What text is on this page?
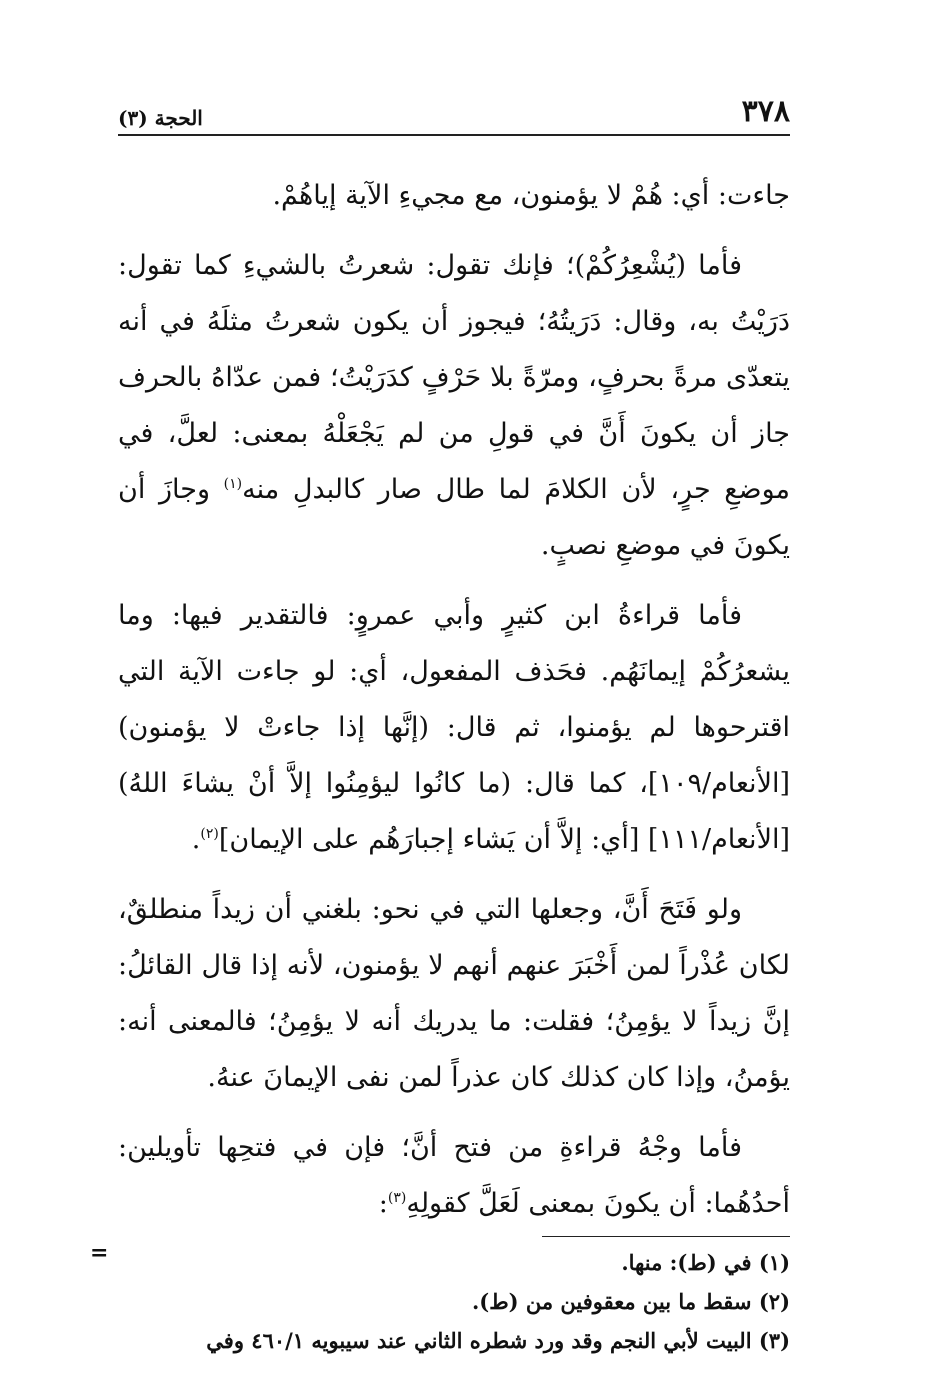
٣٧٨
الحجة (٣)

جاءت: أي: هُمْ لا يؤمنون، مع مجيءِ الآية إياهُمْ.

فأما (يُشْعِرُكُمْ)؛ فإنك تقول: شعرتُ بالشيءِ كما تقول: دَرَيْتُ به، وقال: دَرَيتُهُ؛ فيجوز أن يكون شعرتُ مثلَهُ في أنه يتعدّى مرةً بحرفٍ، ومرّةً بلا حَرْفٍ كدَرَيْتُ؛ فمن عدّاهُ بالحرف جاز أن يكونَ أَنَّ في قولِ من لم يَجْعَلْهُ بمعنى: لعلَّ، في موضعِ جرٍ، لأن الكلامَ لما طال صار كالبدلِ منه$^{(١)}$ وجازَ أن يكونَ في موضعِ نصبٍ.

فأما قراءةُ ابن كثيرٍ وأبي عمروٍ: فالتقدير فيها: وما يشعرُكُمْ إيمانَهُم. فحَذف المفعول، أي: لو جاءت الآية التي اقترحوها لم يؤمنوا، ثم قال: (إنَّها إذا جاءتْ لا يؤمنون) [الأنعام/١٠٩]، كما قال: (ما كانُوا ليؤمِنُوا إلاَّ أنْ يشاءَ اللهُ) [الأنعام/١١١] [أي: إلاَّ أن يَشاء إجبارَهُم على الإيمان]$^{(٢)}$.

ولو فَتَحَ أَنَّ، وجعلها التي في نحو: بلغني أن زيداً منطلقٌ، لكان عُذْراً لمن أَخْبَرَ عنهم أنهم لا يؤمنون، لأنه إذا قال القائلُ: إنَّ زيداً لا يؤمِنُ؛ فقلت: ما يدريك أنه لا يؤمِنُ؛ فالمعنى أنه: يؤمنُ، وإذا كان كذلك كان عذراً لمن نفى الإيمانَ عنهُ.

فأما وجْهُ قراءةِ من فتح أنَّ؛ فإن في فتحِها تأويلين: أحدُهُما: أن يكونَ بمعنى لَعَلَّ كقولِهِ$^{(٣)}$:

(١) في (ط): منها.

(٢) سقط ما بين معقوفين من (ط).

(٣) البيت لأبي النجم وقد ورد شطره الثاني عند سيبويه ٤٦٠/١ وفي

=
